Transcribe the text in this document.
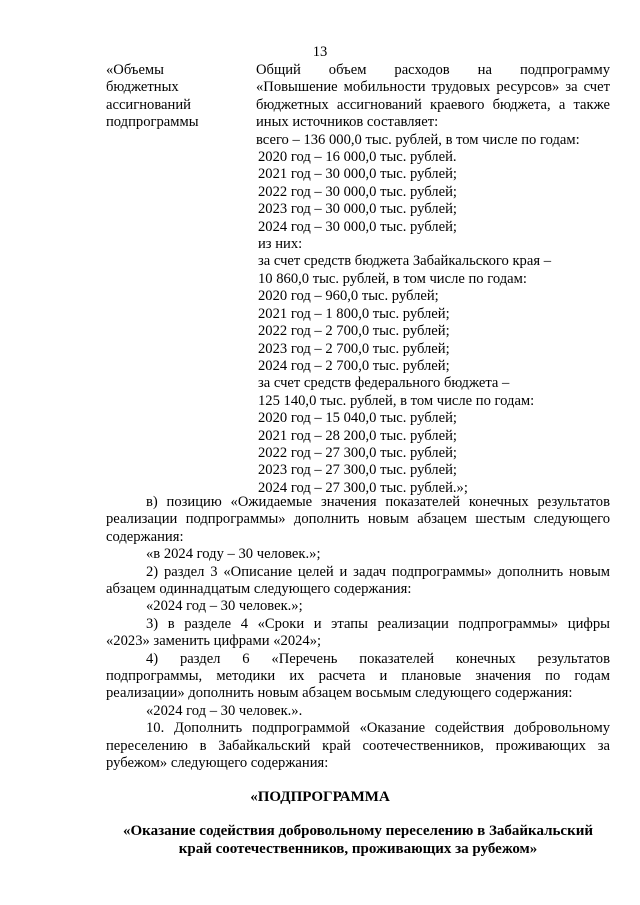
13
«Объемы
бюджетных
ассигнований
подпрограммы
Общий объем расходов на подпрограмму
«Повышение мобильности трудовых ресурсов» за счет
бюджетных ассигнований краевого бюджета, а также
иных источников составляет:
всего – 136 000,0 тыс. рублей, в том числе по годам:
2020 год – 16 000,0 тыс. рублей.
2021 год – 30 000,0 тыс. рублей;
2022 год – 30 000,0 тыс. рублей;
2023 год – 30 000,0 тыс. рублей;
2024 год – 30 000,0 тыс. рублей;
из них:
за счет средств бюджета Забайкальского края –
10 860,0 тыс. рублей, в том числе по годам:
2020 год – 960,0 тыс. рублей;
2021 год – 1 800,0 тыс. рублей;
2022 год – 2 700,0 тыс. рублей;
2023 год – 2 700,0 тыс. рублей;
2024 год – 2 700,0 тыс. рублей;
за счет средств федерального бюджета –
125 140,0 тыс. рублей, в том числе по годам:
2020 год – 15 040,0 тыс. рублей;
2021 год – 28 200,0 тыс. рублей;
2022 год – 27 300,0 тыс. рублей;
2023 год – 27 300,0 тыс. рублей;
2024 год – 27 300,0 тыс. рублей.»;
в) позицию «Ожидаемые значения показателей конечных результатов
реализации подпрограммы» дополнить новым абзацем шестым следующего
содержания:
«в 2024 году – 30 человек.»;
2) раздел 3 «Описание целей и задач подпрограммы» дополнить новым
абзацем одиннадцатым следующего содержания:
«2024 год – 30 человек.»;
3) в разделе 4 «Сроки и этапы реализации подпрограммы» цифры
«2023» заменить цифрами «2024»;
4) раздел 6 «Перечень показателей конечных результатов
подпрограммы, методики их расчета и плановые значения по годам
реализации» дополнить новым абзацем восьмым следующего содержания:
«2024 год – 30 человек.».
10. Дополнить подпрограммой «Оказание содействия добровольному
переселению в Забайкальский край соотечественников, проживающих за
рубежом» следующего содержания:
«ПОДПРОГРАММА
«Оказание содействия добровольному переселению в Забайкальский
край соотечественников, проживающих за рубежом»
